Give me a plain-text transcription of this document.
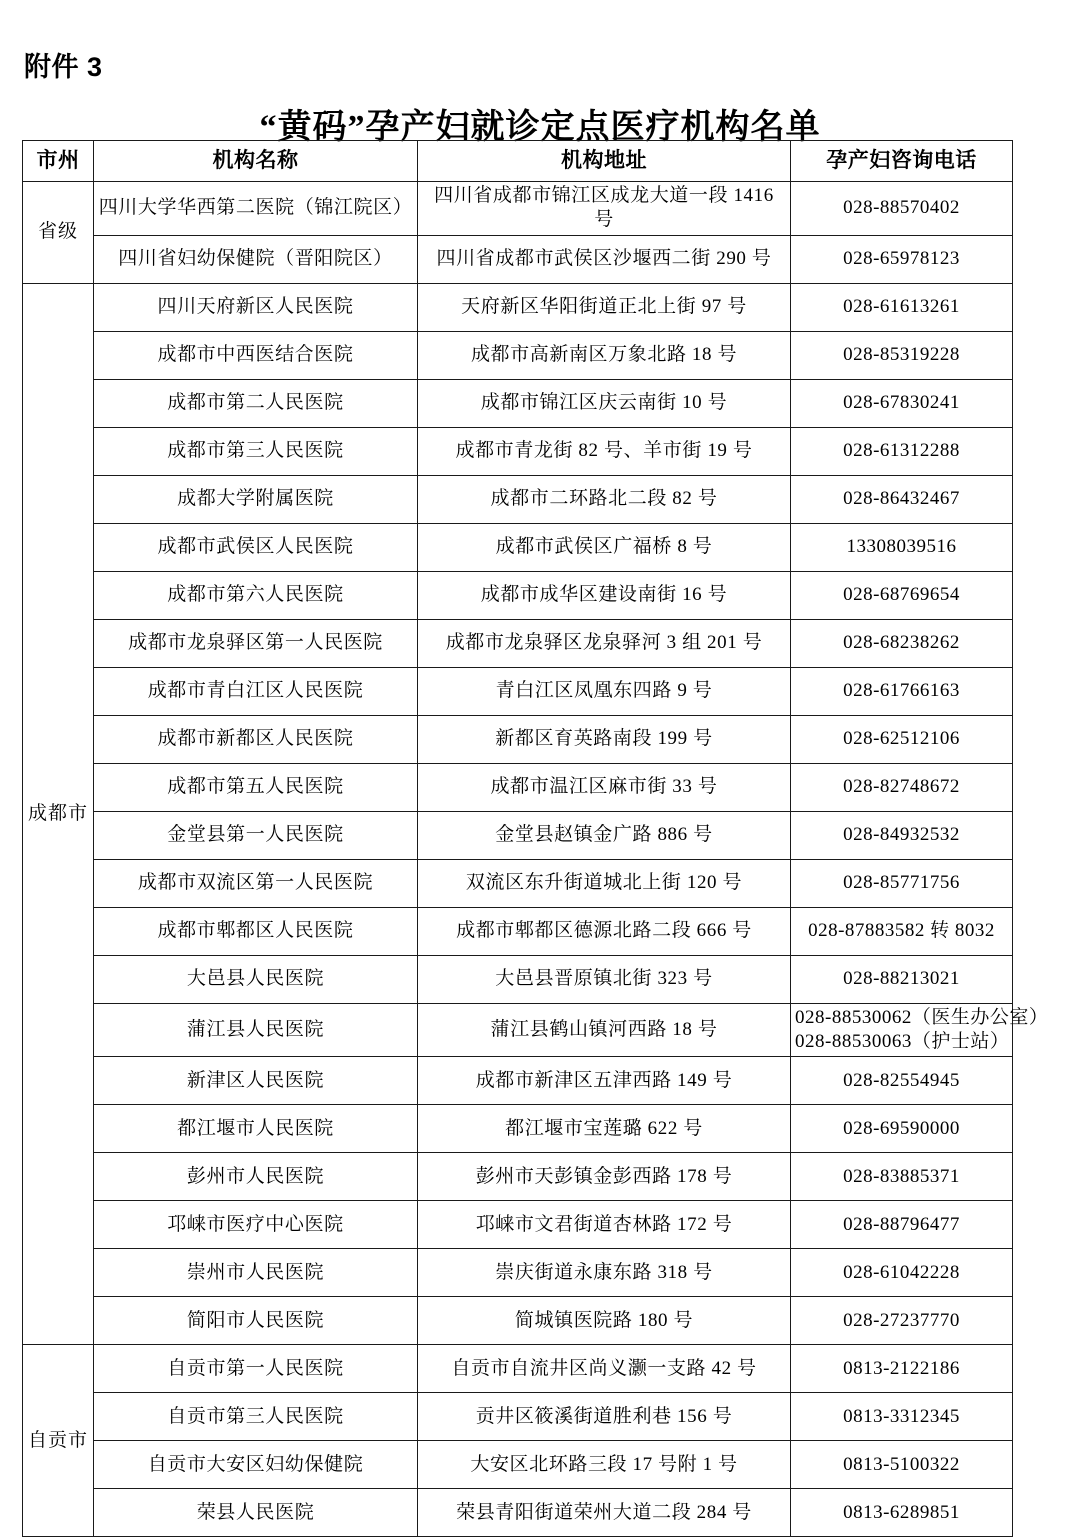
附件 3
“黄码”孕产妇就诊定点医疗机构名单
市州	机构名称	机构地址	孕产妇咨询电话
省级	四川大学华西第二医院（锦江院区）	四川省成都市锦江区成龙大道一段 1416 号	028-88570402

	四川省妇幼保健院（晋阳院区）	四川省成都市武侯区沙堰西二街 290 号	028-65978123

成都市	四川天府新区人民医院	天府新区华阳街道正北上街 97 号	028-61613261

	成都市中西医结合医院	成都市高新南区万象北路 18 号	028-85319228

	成都市第二人民医院	成都市锦江区庆云南街 10 号	028-67830241

	成都市第三人民医院	成都市青龙街 82 号、羊市街 19 号	028-61312288

	成都大学附属医院	成都市二环路北二段 82 号	028-86432467

	成都市武侯区人民医院	成都市武侯区广福桥 8 号	13308039516

	成都市第六人民医院	成都市成华区建设南街 16 号	028-68769654

	成都市龙泉驿区第一人民医院	成都市龙泉驿区龙泉驿河 3 组 201 号	028-68238262

	成都市青白江区人民医院	青白江区凤凰东四路 9 号	028-61766163

	成都市新都区人民医院	新都区育英路南段 199 号	028-62512106

	成都市第五人民医院	成都市温江区麻市街 33 号	028-82748672

	金堂县第一人民医院	金堂县赵镇金广路 886 号	028-84932532

	成都市双流区第一人民医院	双流区东升街道城北上街 120 号	028-85771756

	成都市郫都区人民医院	成都市郫都区德源北路二段 666 号	028-87883582 转 8032

	大邑县人民医院	大邑县晋原镇北街 323 号	028-88213021

	蒲江县人民医院	蒲江县鹤山镇河西路 18 号	028-88530062（医生办公室）
028-88530063（护士站）

	新津区人民医院	成都市新津区五津西路 149 号	028-82554945

	都江堰市人民医院	都江堰市宝莲璐 622 号	028-69590000

	彭州市人民医院	彭州市天彭镇金彭西路 178 号	028-83885371

	邛崃市医疗中心医院	邛崃市文君街道杏林路 172 号	028-88796477

	崇州市人民医院	崇庆街道永康东路 318 号	028-61042228

	简阳市人民医院	简城镇医院路 180 号	028-27237770

自贡市	自贡市第一人民医院	自贡市自流井区尚义灏一支路 42 号	0813-2122186

	自贡市第三人民医院	贡井区筱溪街道胜利巷 156 号	0813-3312345

	自贡市大安区妇幼保健院	大安区北环路三段 17 号附 1 号	0813-5100322

	荣县人民医院	荣县青阳街道荣州大道二段 284 号	0813-6289851
